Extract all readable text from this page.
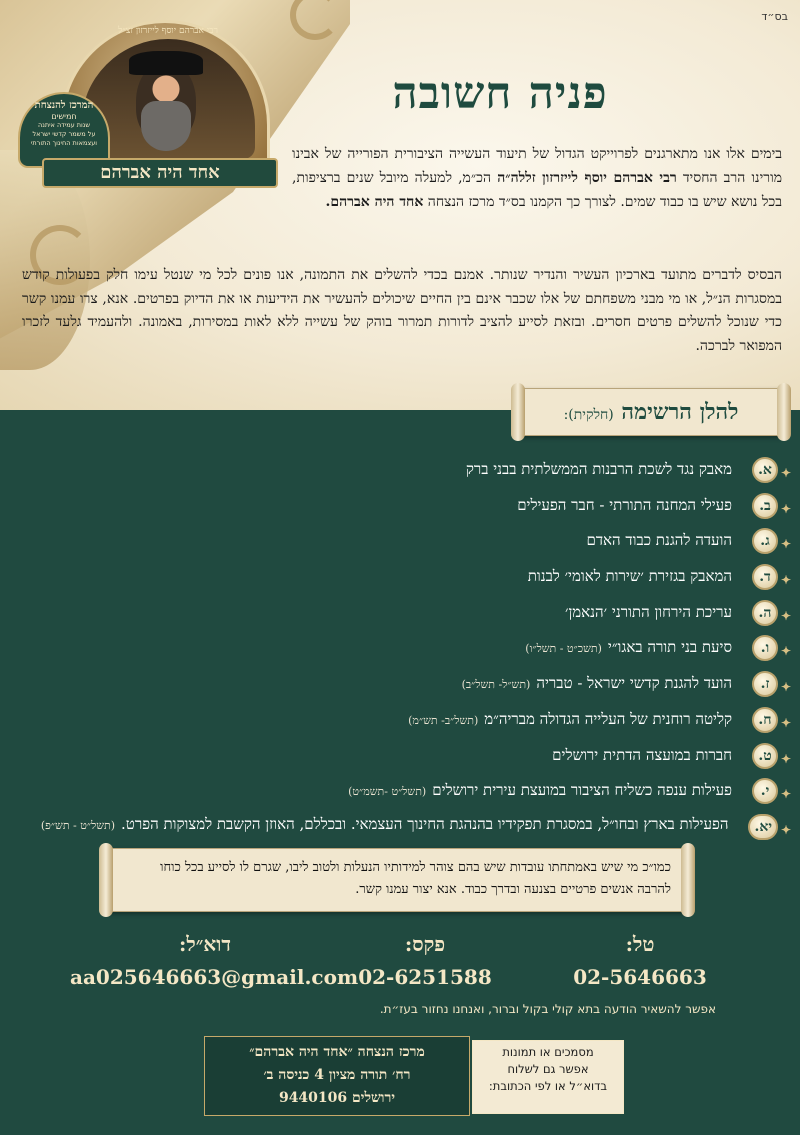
בס״ד
רבי אברהם יוסף לייזרזון זצ״ל
המרכז להנצחת
חמישים
שנות עמידה איתנה
על משמר קדשי ישראל
ועצמאות החינוך התורתי
אחד היה אברהם
פניה חשובה
בימים אלו אנו מתארגנים לפרוייקט הגדול של תיעוד העשייה הציבורית הפורייה של אבינו מורינו הרב החסיד רבי אברהם יוסף לייזרזון זללה״ה הכ״מ, למעלה מיובל שנים ברציפות, בכל נושא שיש בו כבוד שמים. לצורך כך הקמנו בס״ד מרכז הנצחה אחד היה אברהם.
הבסיס לדברים מתועד בארכיון העשיר והנדיר שנותר. אמנם בכדי להשלים את התמונה, אנו פונים לכל מי שנטל עימו חלק בפעולות קודש במסגרות הנ״ל, או מי מבני משפחתם של אלו שכבר אינם בין החיים שיכולים להעשיר את הידיעות או את הדיוק בפרטים. אנא, צרו עמנו קשר כדי שנוכל להשלים פרטים חסרים. ובזאת לסייע להציב לדורות תמרור בוהק של עשייה ללא לאות במסירות, באמונה. ולהעמיד גלעד לזכרו המפואר לברכה.
להלן הרשימה (חלקית):
✦ א.
מאבק נגד לשכת הרבנות הממשלתית בבני ברק
✦ ב.
פעילי המחנה התורתי - חבר הפעילים
✦ ג.
הועדה להגנת כבוד האדם
✦ ד.
המאבק בגזירת ׳שירות לאומי׳ לבנות
✦ ה.
עריכת הירחון התורני ׳הנאמן׳
✦ ו.
סיעת בני תורה באגו״י(תשכ״ט - תשל״ו)
✦ ז.
הועד להגנת קדשי ישראל - טבריה(תש״ל- תשל״ב)
✦ ח.
קליטה רוחנית של העלייה הגדולה מבריה״מ(תשל״ב- תש״מ)
✦ ט.
חברות במועצה הדתית ירושלים
✦ י.
פעילות ענפה כשליח הציבור במועצת עירית ירושלים(תשל״ט -תשמ״ט)
✦ יא.
הפעילות בארץ ובחו״ל, במסגרת תפקידיו בהנהגת החינוך העצמאי. ובכללם, האוזן הקשבת למצוקות הפרט.(תשל״ט - תש״פ)
כמו״כ מי שיש באמתחתו עובדות שיש בהם צוהר למידותיו הנעלות ולטוב ליבו, שגרם לו לסייע בכל כוחו להרבה אנשים פרטיים בצנעה ובדרך כבוד. אנא יצור עמנו קשר.
טל:
02-5646663
פקס:
02-6251588
דוא״ל:
aa025646663@gmail.com
אפשר להשאיר הודעה בתא קולי בקול וברור, ואנחנו נחזור בעז״ת.
מרכז הנצחה ״אחד היה אברהם״
רח׳ תורה מציון 4 כניסה ב׳
ירושלים 9440106
מסמכים או תמונות
אפשר גם לשלוח
בדוא״ל או לפי הכתובת:
